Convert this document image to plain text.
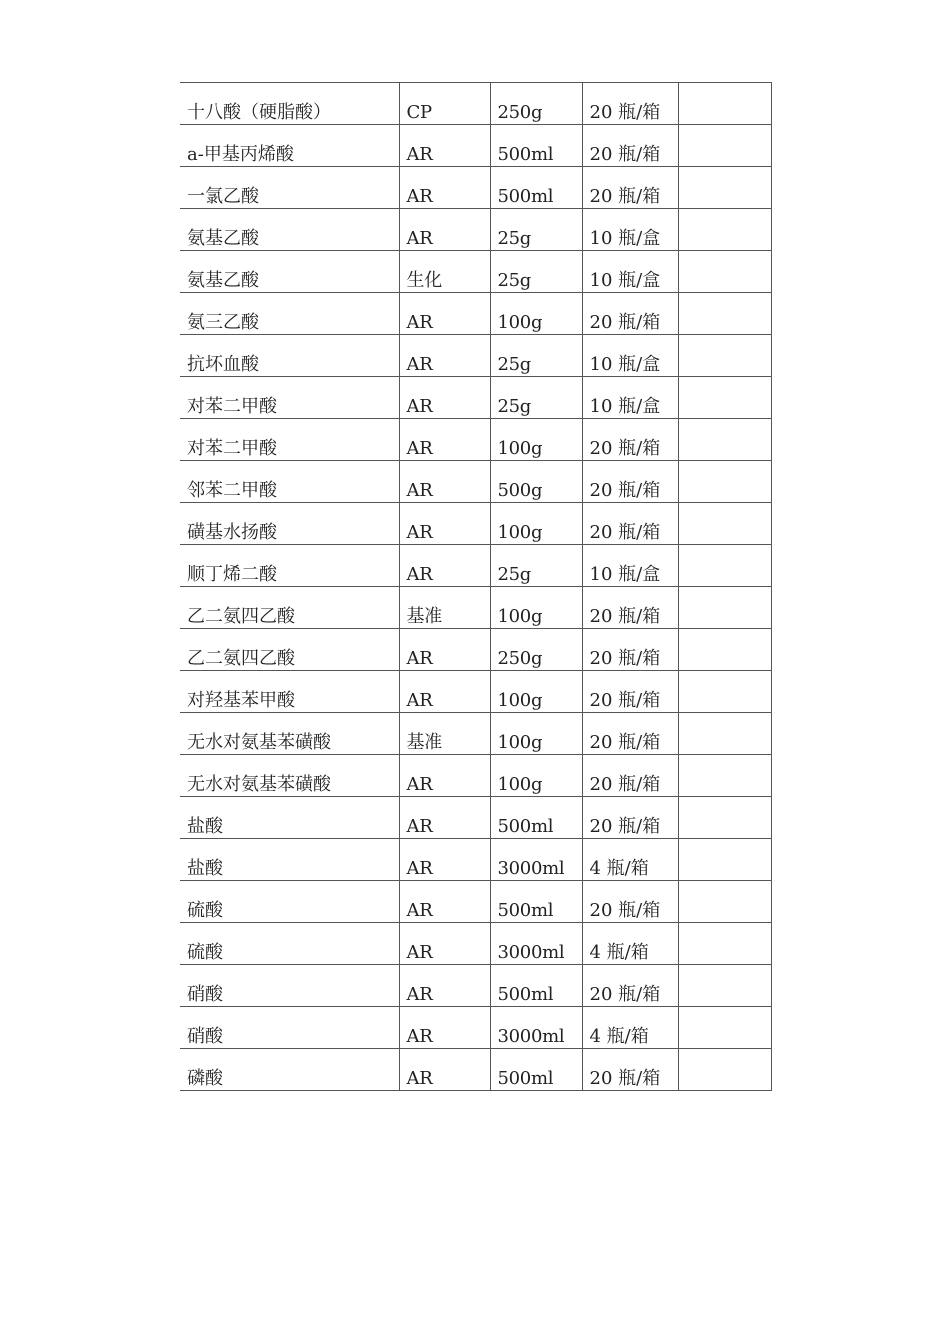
十八酸（硬脂酸）	CP	250g	20 瓶/箱	
a-甲基丙烯酸	AR	500ml	20 瓶/箱	
一氯乙酸	AR	500ml	20 瓶/箱	
氨基乙酸	AR	25g	10 瓶/盒	
氨基乙酸	生化	25g	10 瓶/盒	
氨三乙酸	AR	100g	20 瓶/箱	
抗坏血酸	AR	25g	10 瓶/盒	
对苯二甲酸	AR	25g	10 瓶/盒	
对苯二甲酸	AR	100g	20 瓶/箱	
邻苯二甲酸	AR	500g	20 瓶/箱	
磺基水扬酸	AR	100g	20 瓶/箱	
顺丁烯二酸	AR	25g	10 瓶/盒	
乙二氨四乙酸	基准	100g	20 瓶/箱	
乙二氨四乙酸	AR	250g	20 瓶/箱	
对羟基苯甲酸	AR	100g	20 瓶/箱	
无水对氨基苯磺酸	基准	100g	20 瓶/箱	
无水对氨基苯磺酸	AR	100g	20 瓶/箱	
盐酸	AR	500ml	20 瓶/箱	
盐酸	AR	3000ml	4 瓶/箱	
硫酸	AR	500ml	20 瓶/箱	
硫酸	AR	3000ml	4 瓶/箱	
硝酸	AR	500ml	20 瓶/箱	
硝酸	AR	3000ml	4 瓶/箱	
磷酸	AR	500ml	20 瓶/箱	
